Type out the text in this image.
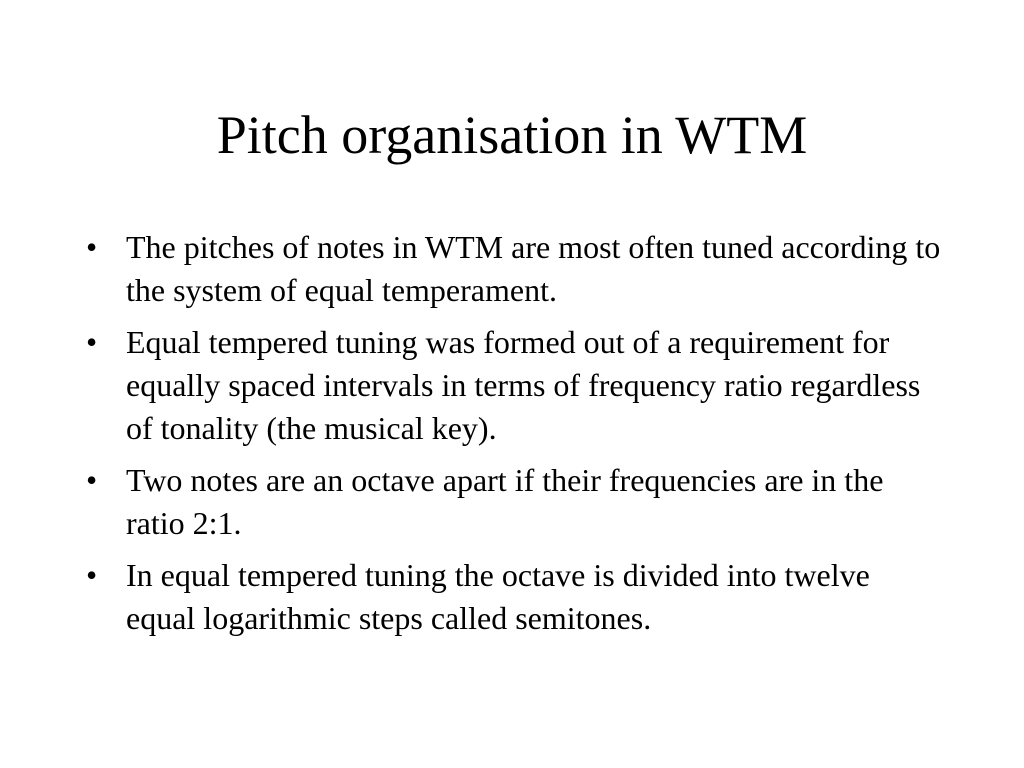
Pitch organisation in WTM
• The pitches of notes in WTM are most often tuned according to the system of equal temperament.
• Equal tempered tuning was formed out of a requirement for equally spaced intervals in terms of frequency ratio regardless of tonality (the musical key).
• Two notes are an octave apart if their frequencies are in the ratio 2:1.
• In equal tempered tuning the octave is divided into twelve equal logarithmic steps called semitones.
